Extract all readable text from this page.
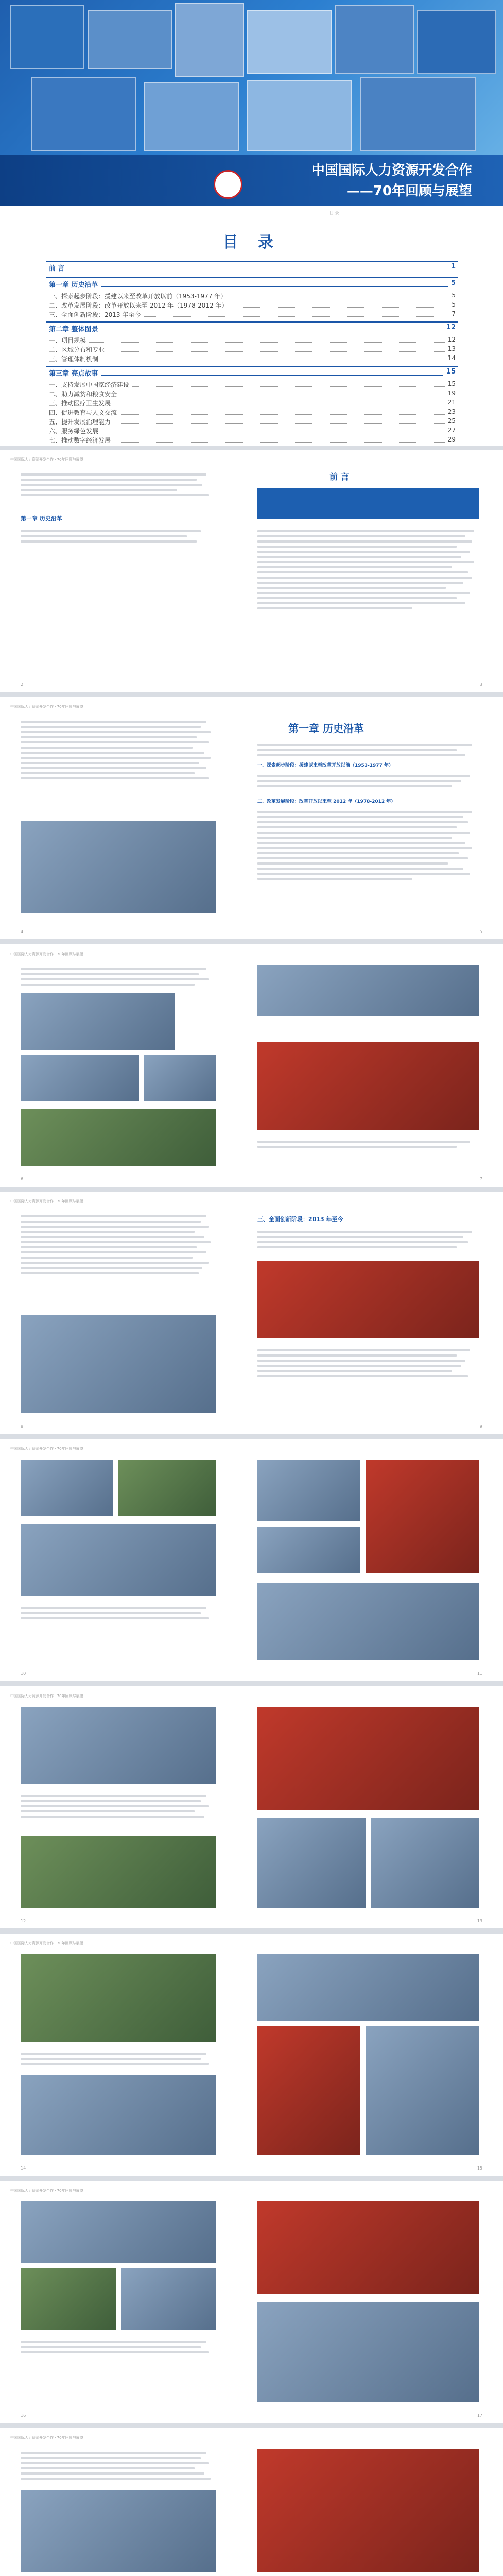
中国国际人力资源开发合作
——70年回顾与展望
目 录
目 录
前 言	1
第一章 历史沿革	5
一、探索起步阶段：援建以来至改革开放以前（1953-1977 年）	5
二、改革发展阶段：改革开放以来至 2012 年（1978-2012 年）	5
三、全面创新阶段：2013 年至今	7
第二章 整体图景	12
一、项目规模	12
二、区域分布和专业	13
三、管理体制机制	14
第三章 亮点故事	15
一、支持发展中国家经济建设	15
二、助力减贫和粮食安全	19
三、推动医疗卫生发展	21
四、促进教育与人文交流	23
五、提升发展治理能力	25
六、服务绿色发展	27
七、推动数字经济发展	29
中国国际人力资源开发合作 · 70年回顾与展望
第一章 历史沿革
前 言
2	3
中国国际人力资源开发合作 · 70年回顾与展望
第一章 历史沿革
一、探索起步阶段：援建以来至改革开放以前（1953-1977 年）
二、改革发展阶段：改革开放以来至 2012 年（1978-2012 年）
4	5
中国国际人力资源开发合作 · 70年回顾与展望
6	7
中国国际人力资源开发合作 · 70年回顾与展望
三、全面创新阶段：2013 年至今
8	9
中国国际人力资源开发合作 · 70年回顾与展望
10	11
中国国际人力资源开发合作 · 70年回顾与展望
12	13
中国国际人力资源开发合作 · 70年回顾与展望
14	15
中国国际人力资源开发合作 · 70年回顾与展望
16	17
中国国际人力资源开发合作 · 70年回顾与展望
